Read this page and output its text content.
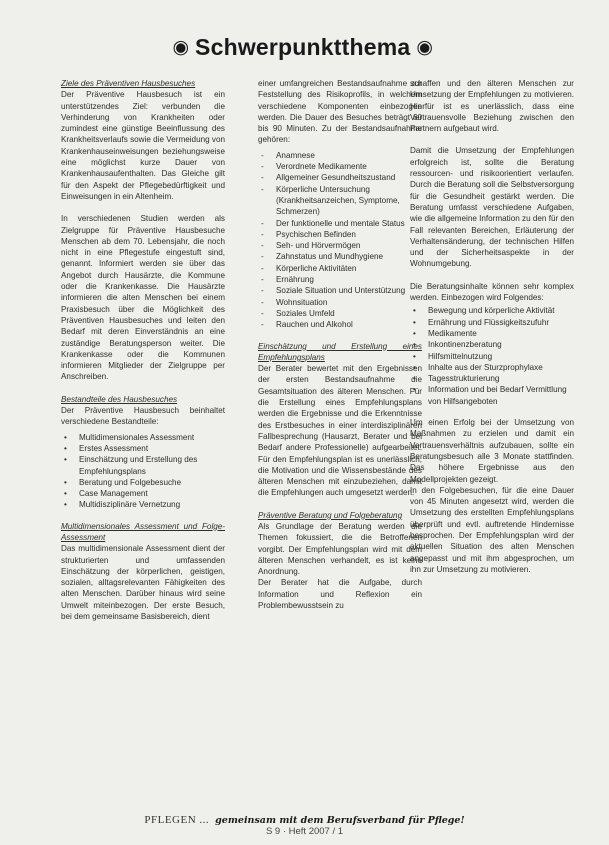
◉ Schwerpunktthema ◉
Ziele des Präventiven Hausbesuches

Der Präventive Hausbesuch ist ein unterstützendes Ziel: verbunden die Verhinderung von Krankheiten oder zumindest eine günstige Beeinflussung des Krankheitsverlaufs sowie die Vermeidung von Krankenhauseinweisungen beziehungsweise eine möglichst kurze Dauer von Krankenhausaufenthalten. Das Gleiche gilt für den Aspekt der Pflegebedürftigkeit und Einweisungen in ein Altenheim.

In verschiedenen Studien werden als Zielgruppe für Präventive Hausbesuche Menschen ab dem 70. Lebensjahr, die noch nicht in eine Pflegestufe eingestuft sind, genannt. Informiert werden sie über das Angebot durch Hausärzte, die Kommune oder die Krankenkasse. Die Hausärzte informieren die alten Menschen bei einem Praxisbesuch über die Möglichkeit des Präventiven Hausbesuches und leiten den Bedarf mit deren Einverständnis an eine zuständige Beratungsperson weiter. Die Krankenkasse oder die Kommunen informieren Mitglieder der Zielgruppe per Anschreiben.

Bestandteile des Hausbesuches

Der Präventive Hausbesuch beinhaltet verschiedene Bestandteile:

• Multidimensionales Assessment
• Erstes Assessment
• Einschätzung und Erstellung des Empfehlungsplans
• Beratung und Folgebesuche
• Case Management
• Multidisziplinäre Vernetzung
Multidimensionales Assessment und Folge-Assessment

Das multidimensionale Assessment dient der strukturierten und umfassenden Einschätzung der körperlichen, geistigen, sozialen, alltagsrelevanten Fähigkeiten des alten Menschen. Darüber hinaus wird seine Umwelt miteinbezogen. Der erste Besuch, bei dem gemeinsame Basisbereich, dient

einer umfangreichen Bestandsaufnahme zur Feststellung des Risikoprofils, in welchem verschiedene Komponenten einbezogen werden. Die Dauer des Besuches beträgt 60 bis 90 Minuten. Zu der Bestandsaufnahme gehören:

- Anamnese
- Verordnete Medikamente
- Allgemeiner Gesundheitszustand
- Körperliche Untersuchung (Krankheitsanzeichen, Symptome, Schmerzen)
- Der funktionelle und mentale Status
- Psychischen Befinden
- Seh- und Hörvermögen
- Zahnstatus und Mundhygiene
- Körperliche Aktivitäten
- Ernährung
- Soziale Situation und Unterstützung
- Wohnsituation
- Soziales Umfeld
- Rauchen und Alkohol
Einschätzung und Erstellung eines Empfehlungsplans

Der Berater bewertet mit den Ergebnissen der ersten Bestandsaufnahme die Gesamtsituation des älteren Menschen. Für die Erstellung eines Empfehlungsplans werden die Ergebnisse und die Erkenntnisse des Erstbesuches in einer interdisziplinären Fallbesprechung (Hausarzt, Berater und bei Bedarf andere Professionelle) aufgearbeitet. Für den Empfehlungsplan ist es unerlässlich, die Motivation und die Wissensbestände des älteren Menschen mit einzubeziehen, damit die Empfehlungen auch umgesetzt werden.

Präventive Beratung und Folgeberatung

Als Grundlage der Beratung werden die Themen fokussiert, die die Betroffenen vorgibt. Der Empfehlungsplan wird mit dem älteren Menschen verhandelt, es ist keine Anordnung.

Der Berater hat die Aufgabe, durch Information und Reflexion ein Problembewusstsein zu

schaffen und den älteren Menschen zur Umsetzung der Empfehlungen zu motivieren. Hierfür ist es unerlässlich, dass eine Vertrauensvolle Beziehung zwischen den Partnern aufgebaut wird.

Damit die Umsetzung der Empfehlungen erfolgreich ist, sollte die Beratung ressourcen- und risikoorientiert verlaufen. Durch die Beratung soll die Selbstversorgung für die Gesundheit gestärkt werden. Die Beratung umfasst verschiedene Aufgaben, wie die allgemeine Information zu den für den Fall relevanten Bereichen, Erläuterung der Verhaltensänderung, der technischen Hilfen und der Sicherheitsaspekte in der Wohnumgebung.

Die Beratungsinhalte können sehr komplex werden. Einbezogen wird Folgendes:

• Bewegung und körperliche Aktivität
• Ernährung und Flüssigkeitszufuhr
• Medikamente
• Inkontinenzberatung
• Hilfsmittelnutzung
• Inhalte aus der Sturzprophylaxe
• Tagesstrukturierung
• Information und bei Bedarf Vermittlung von Hilfsangeboten

Um einen Erfolg bei der Umsetzung von Maßnahmen zu erzielen und damit ein Vertrauensverhältnis aufzubauen, sollte ein Beratungsbesuch alle 3 Monate stattfinden. Das höhere Ergebnisse aus den Modellprojekten gezeigt.

In den Folgebesuchen, für die eine Dauer von 45 Minuten angesetzt wird, werden die Umsetzung des erstellten Empfehlungsplans überprüft und evtl. auftretende Hindernisse besprochen. Der Empfehlungsplan wird der aktuellen Situation des alten Menschen angepasst und mit ihm abgesprochen, um ihn zur Umsetzung zu motivieren.

PFLEGEN ... gemeinsam mit dem Berufsverband für Pflege!
S 9 · Heft 2007 / 1
